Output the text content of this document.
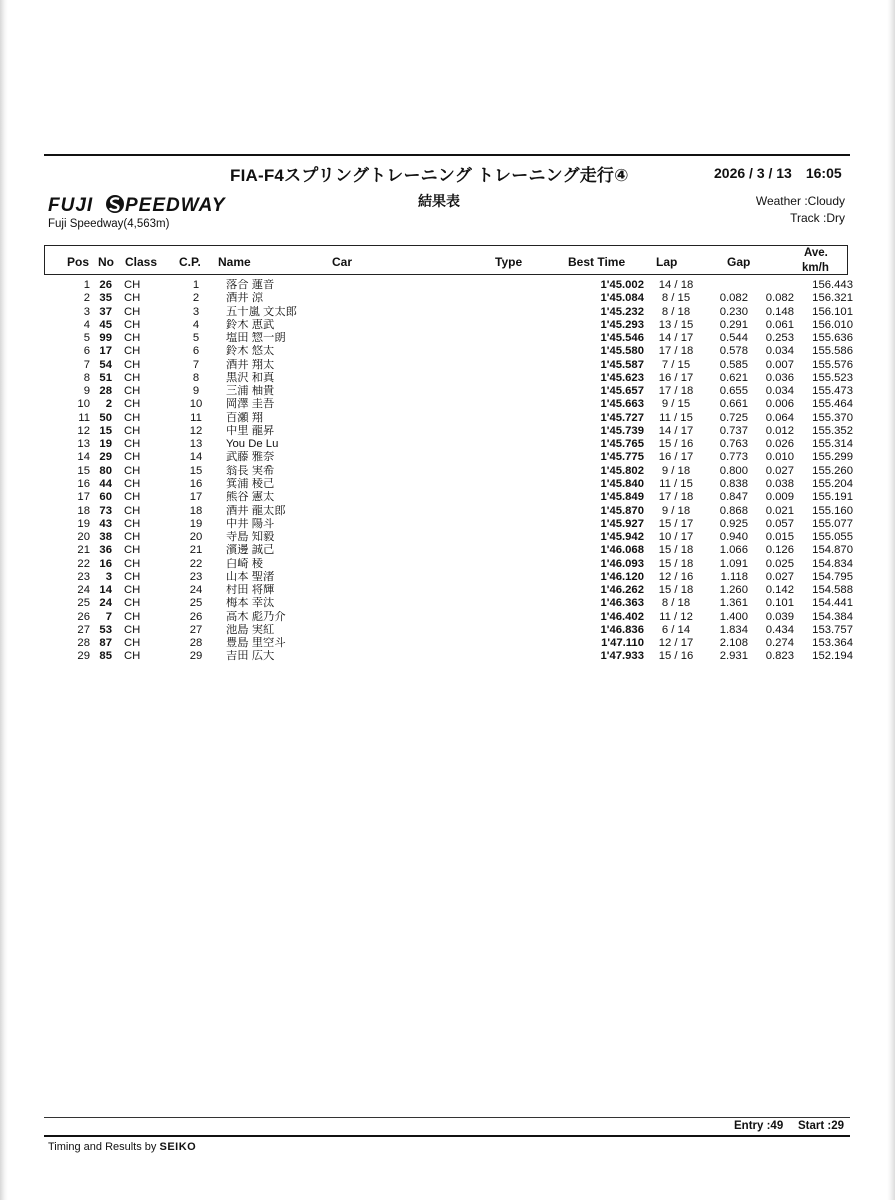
FIA-F4スプリングトレーニング トレーニング走行④	2026 / 3 / 13　16:05
FUJI PEEDWAY	結果表	Weather :Cloudy
Track :Dry
Fuji Speedway(4,563m)
Pos No Class C.P. Name	Car	Type	Best Time	Lap	Gap
Ave.
km/h
1	26	CH	1	落合 蓮音		1'45.002	14 / 18			156.443
2	35	CH	2	酒井 涼		1'45.084	8 / 15	0.082	0.082	156.321
3	37	CH	3	五十嵐 文太郎		1'45.232	8 / 18	0.230	0.148	156.101
4	45	CH	4	鈴木 恵武		1'45.293	13 / 15	0.291	0.061	156.010
5	99	CH	5	塩田 惣一朗		1'45.546	14 / 17	0.544	0.253	155.636
6	17	CH	6	鈴木 悠太		1'45.580	17 / 18	0.578	0.034	155.586
7	54	CH	7	酒井 翔太		1'45.587	7 / 15	0.585	0.007	155.576
8	51	CH	8	黒沢 和真		1'45.623	16 / 17	0.621	0.036	155.523
9	28	CH	9	三浦 柚貴		1'45.657	17 / 18	0.655	0.034	155.473
10	2	CH	10	岡澤 圭吾		1'45.663	9 / 15	0.661	0.006	155.464
11	50	CH	11	百瀬 翔		1'45.727	11 / 15	0.725	0.064	155.370
12	15	CH	12	中里 龍昇		1'45.739	14 / 17	0.737	0.012	155.352
13	19	CH	13	You De Lu		1'45.765	15 / 16	0.763	0.026	155.314
14	29	CH	14	武藤 雅奈		1'45.775	16 / 17	0.773	0.010	155.299
15	80	CH	15	翁長 実希		1'45.802	9 / 18	0.800	0.027	155.260
16	44	CH	16	箕浦 稜己		1'45.840	11 / 15	0.838	0.038	155.204
17	60	CH	17	熊谷 憲太		1'45.849	17 / 18	0.847	0.009	155.191
18	73	CH	18	酒井 龍太郎		1'45.870	9 / 18	0.868	0.021	155.160
19	43	CH	19	中井 陽斗		1'45.927	15 / 17	0.925	0.057	155.077
20	38	CH	20	寺島 知毅		1'45.942	10 / 17	0.940	0.015	155.055
21	36	CH	21	濱邊 誠己		1'46.068	15 / 18	1.066	0.126	154.870
22	16	CH	22	白崎 稜		1'46.093	15 / 18	1.091	0.025	154.834
23	3	CH	23	山本 聖渚		1'46.120	12 / 16	1.118	0.027	154.795
24	14	CH	24	村田 将輝		1'46.262	15 / 18	1.260	0.142	154.588
25	24	CH	25	梅本 幸汰		1'46.363	8 / 18	1.361	0.101	154.441
26	7	CH	26	高木 彪乃介		1'46.402	11 / 12	1.400	0.039	154.384
27	53	CH	27	池島 実紅		1'46.836	6 / 14	1.834	0.434	153.757
28	87	CH	28	豊島 里空斗		1'47.110	12 / 17	2.108	0.274	153.364
29	85	CH	29	吉田 広大		1'47.933	15 / 16	2.931	0.823	152.194
Entry :49 Start :29
Timing and Results by SEIKO
